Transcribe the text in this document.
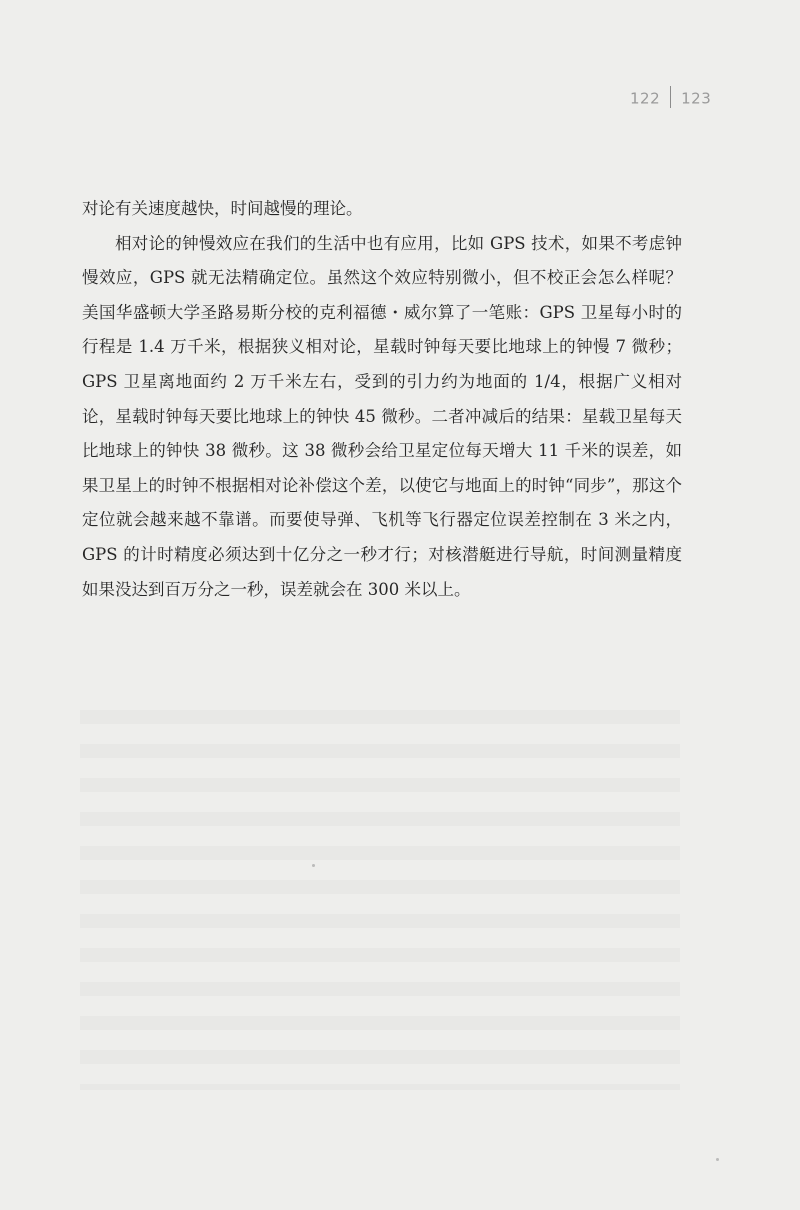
122 123

对论有关速度越快，时间越慢的理论。

相对论的钟慢效应在我们的生活中也有应用，比如 GPS 技术，如果不考虑钟慢效应，GPS 就无法精确定位。虽然这个效应特别微小，但不校正会怎么样呢？美国华盛顿大学圣路易斯分校的克利福德・威尔算了一笔账：GPS 卫星每小时的行程是 1.4 万千米，根据狭义相对论，星载时钟每天要比地球上的钟慢 7 微秒；GPS 卫星离地面约 2 万千米左右，受到的引力约为地面的 1/4，根据广义相对论，星载时钟每天要比地球上的钟快 45 微秒。二者冲减后的结果：星载卫星每天比地球上的钟快 38 微秒。这 38 微秒会给卫星定位每天增大 11 千米的误差，如果卫星上的时钟不根据相对论补偿这个差，以使它与地面上的时钟“同步”，那这个定位就会越来越不靠谱。而要使导弹、飞机等飞行器定位误差控制在 3 米之内，GPS 的计时精度必须达到十亿分之一秒才行；对核潜艇进行导航，时间测量精度如果没达到百万分之一秒，误差就会在 300 米以上。
